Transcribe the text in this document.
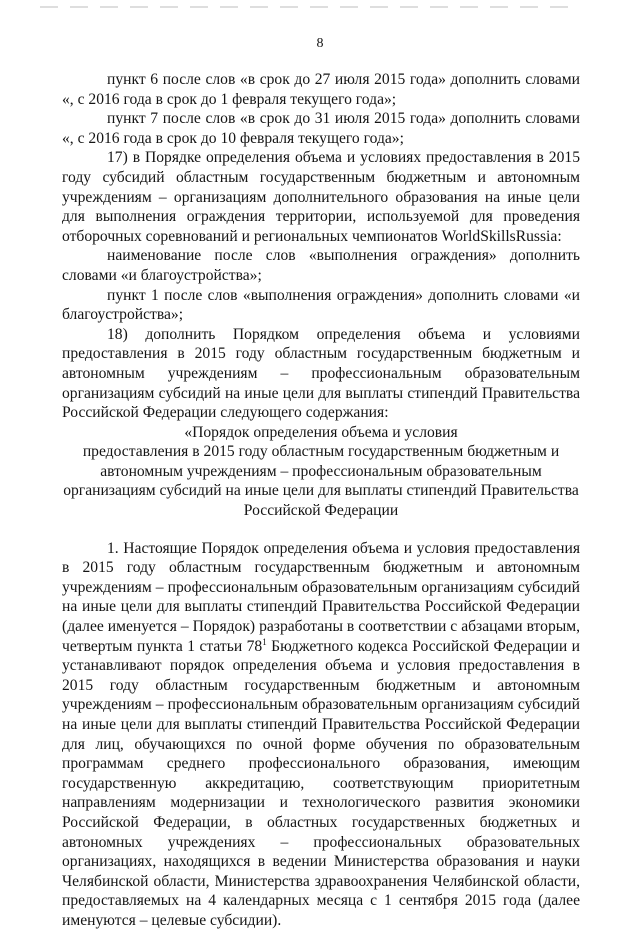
8

пункт 6 после слов «в срок до 27 июля 2015 года» дополнить словами «, с 2016 года в срок до 1 февраля текущего года»;

пункт 7 после слов «в срок до 31 июля 2015 года» дополнить словами «, с 2016 года в срок до 10 февраля текущего года»;

17) в Порядке определения объема и условиях предоставления в 2015 году субсидий областным государственным бюджетным и автономным учреждениям – организациям дополнительного образования на иные цели для выполнения ограждения территории, используемой для проведения отборочных соревнований и региональных чемпионатов WorldSkillsRussia:

наименование после слов «выполнения ограждения» дополнить словами «и благоустройства»;

пункт 1 после слов «выполнения ограждения» дополнить словами «и благоустройства»;

18) дополнить Порядком определения объема и условиями предоставления в 2015 году областным государственным бюджетным и автономным учреждениям – профессиональным образовательным организациям субсидий на иные цели для выплаты стипендий Правительства Российской Федерации следующего содержания:

«Порядок определения объема и условия
предоставления в 2015 году областным государственным бюджетным и
автономным учреждениям – профессиональным образовательным
организациям субсидий на иные цели для выплаты стипендий Правительства
Российской Федерации

1. Настоящие Порядок определения объема и условия предоставления в 2015 году областным государственным бюджетным и автономным учреждениям – профессиональным образовательным организациям субсидий на иные цели для выплаты стипендий Правительства Российской Федерации (далее именуется – Порядок) разработаны в соответствии с абзацами вторым, четвертым пункта 1 статьи $78^1$ Бюджетного кодекса Российской Федерации и устанавливают порядок определения объема и условия предоставления в 2015 году областным государственным бюджетным и автономным учреждениям – профессиональным образовательным организациям субсидий на иные цели для выплаты стипендий Правительства Российской Федерации для лиц, обучающихся по очной форме обучения по образовательным программам среднего профессионального образования, имеющим государственную аккредитацию, соответствующим приоритетным направлениям модернизации и технологического развития экономики Российской Федерации, в областных государственных бюджетных и автономных учреждениях – профессиональных образовательных организациях, находящихся в ведении Министерства образования и науки Челябинской области, Министерства здравоохранения Челябинской области, предоставляемых на 4 календарных месяца с 1 сентября 2015 года (далее именуются – целевые субсидии).
